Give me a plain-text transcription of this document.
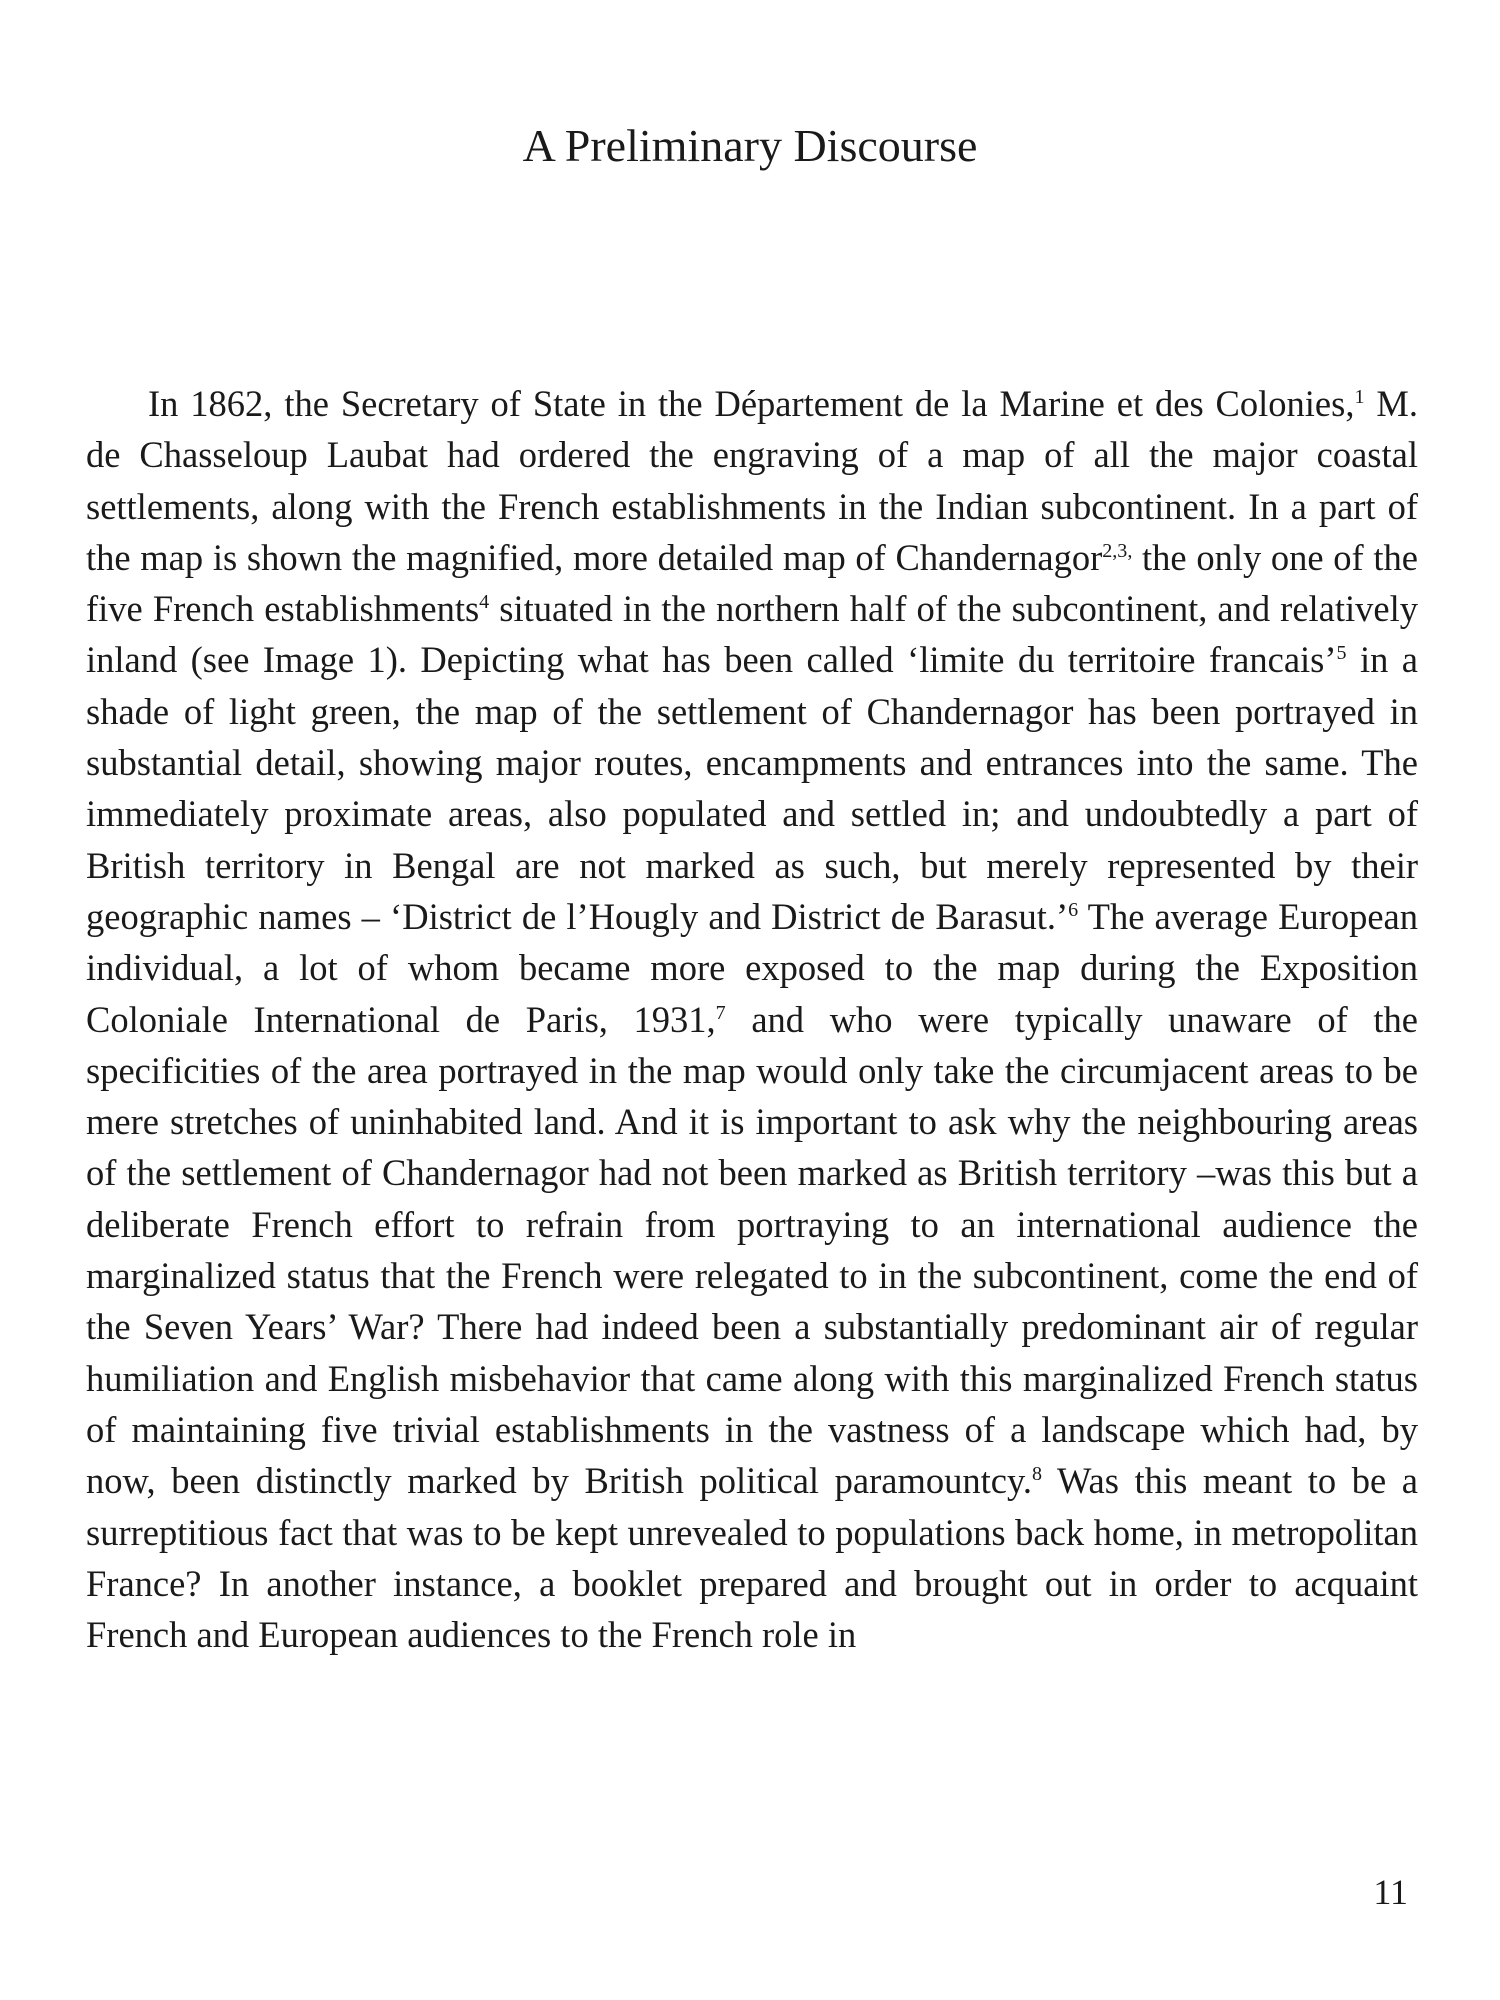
A Preliminary Discourse

In 1862, the Secretary of State in the Département de la Marine et des Colonies,$^1$ M. de Chasseloup Laubat had ordered the engraving of a map of all the major coastal settlements, along with the French establishments in the Indian subcontinent. In a part of the map is shown the magnified, more detailed map of Chandernagor$^{2,3,}$ the only one of the five French establishments$^4$ situated in the northern half of the subcontinent, and relatively inland (see Image 1). Depicting what has been called ‘limite du territoire francais’$^5$ in a shade of light green, the map of the settlement of Chandernagor has been portrayed in substantial detail, showing major routes, encampments and entrances into the same. The immediately proximate areas, also populated and settled in; and undoubtedly a part of British territory in Bengal are not marked as such, but merely represented by their geographic names – ‘District de l’Hougly and District de Barasut.’$^6$ The average European individual, a lot of whom became more exposed to the map during the Exposition Coloniale International de Paris, 1931,$^7$ and who were typically unaware of the specificities of the area portrayed in the map would only take the circumjacent areas to be mere stretches of uninhabited land. And it is important to ask why the neighbouring areas of the settlement of Chandernagor had not been marked as British territory –was this but a deliberate French effort to refrain from portraying to an international audience the marginalized status that the French were relegated to in the subcontinent, come the end of the Seven Years’ War? There had indeed been a substantially predominant air of regular humiliation and English misbehavior that came along with this marginalized French status of maintaining five trivial establishments in the vastness of a landscape which had, by now, been distinctly marked by British political paramountcy.$^8$ Was this meant to be a surreptitious fact that was to be kept unrevealed to populations back home, in metropolitan France? In another instance, a booklet prepared and brought out in order to acquaint French and European audiences to the French role in

11
